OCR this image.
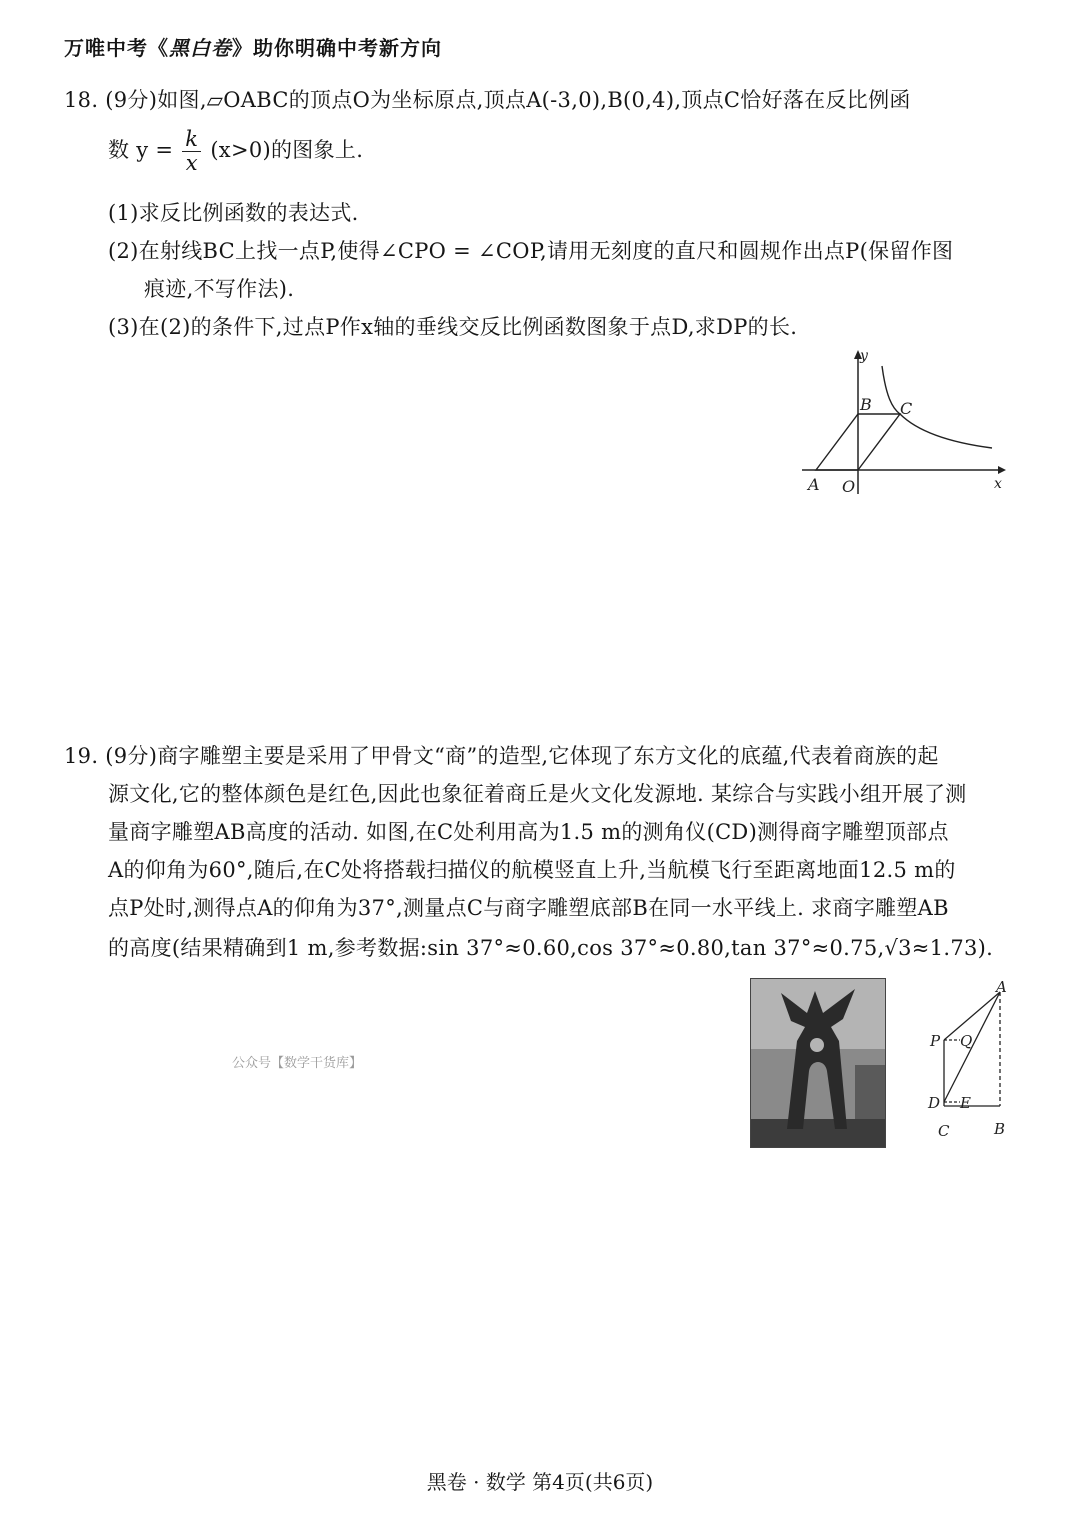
万唯中考《黑白卷》助你明确中考新方向
18. (9分)如图,▱OABC的顶点O为坐标原点,顶点A(-3,0),B(0,4),顶点C恰好落在反比例函
数 $y = \frac{k}{x} (x>0)$的图象上.
(1)求反比例函数的表达式.
(2)在射线BC上找一点P,使得∠CPO = ∠COP,请用无刻度的直尺和圆规作出点P(保留作图
痕迹,不写作法).
(3)在(2)的条件下,过点P作x轴的垂线交反比例函数图象于点D,求DP的长.
y
x
A O
B C
19. (9分)商字雕塑主要是采用了甲骨文“商”的造型,它体现了东方文化的底蕴,代表着商族的起
源文化,它的整体颜色是红色,因此也象征着商丘是火文化发源地. 某综合与实践小组开展了测
量商字雕塑AB高度的活动. 如图,在C处利用高为1.5 m的测角仪(CD)测得商字雕塑顶部点
A的仰角为60°,随后,在C处将搭载扫描仪的航模竖直上升,当航模飞行至距离地面12.5 m的
点P处时,测得点A的仰角为37°,测量点C与商字雕塑底部B在同一水平线上. 求商字雕塑AB
的高度(结果精确到1 m,参考数据:sin 37°≈0.60,cos 37°≈0.80,tan 37°≈0.75,√3≈1.73).
公众号【数学干货库】
A
P Q
D E
C	B
黑卷 · 数学 第4页(共6页)
